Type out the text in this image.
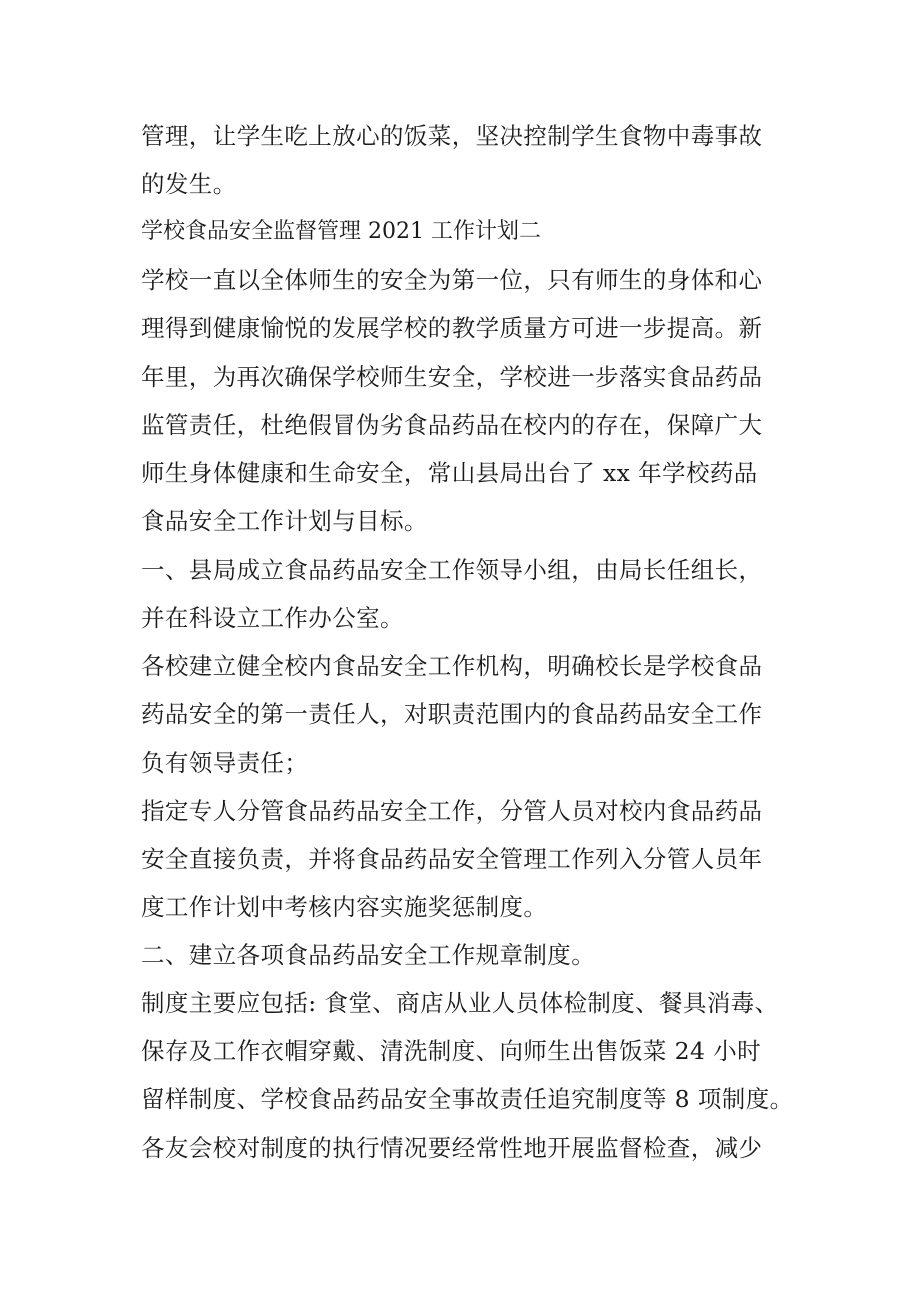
管理，让学生吃上放心的饭菜，坚决控制学生食物中毒事故
的发生。
学校食品安全监督管理 2021 工作计划二
学校一直以全体师生的安全为第一位，只有师生的身体和心
理得到健康愉悦的发展学校的教学质量方可进一步提高。新
年里，为再次确保学校师生安全，学校进一步落实食品药品
监管责任，杜绝假冒伪劣食品药品在校内的存在，保障广大
师生身体健康和生命安全，常山县局出台了 xx 年学校药品
食品安全工作计划与目标。
一、县局成立食品药品安全工作领导小组，由局长任组长，
并在科设立工作办公室。
各校建立健全校内食品安全工作机构，明确校长是学校食品
药品安全的第一责任人，对职责范围内的食品药品安全工作
负有领导责任；
指定专人分管食品药品安全工作，分管人员对校内食品药品
安全直接负责，并将食品药品安全管理工作列入分管人员年
度工作计划中考核内容实施奖惩制度。
二、建立各项食品药品安全工作规章制度。
制度主要应包括: 食堂、商店从业人员体检制度、餐具消毒、
保存及工作衣帽穿戴、清洗制度、向师生出售饭菜 24 小时
留样制度、学校食品药品安全事故责任追究制度等 8 项制度。
各友会校对制度的执行情况要经常性地开展监督检查，减少
